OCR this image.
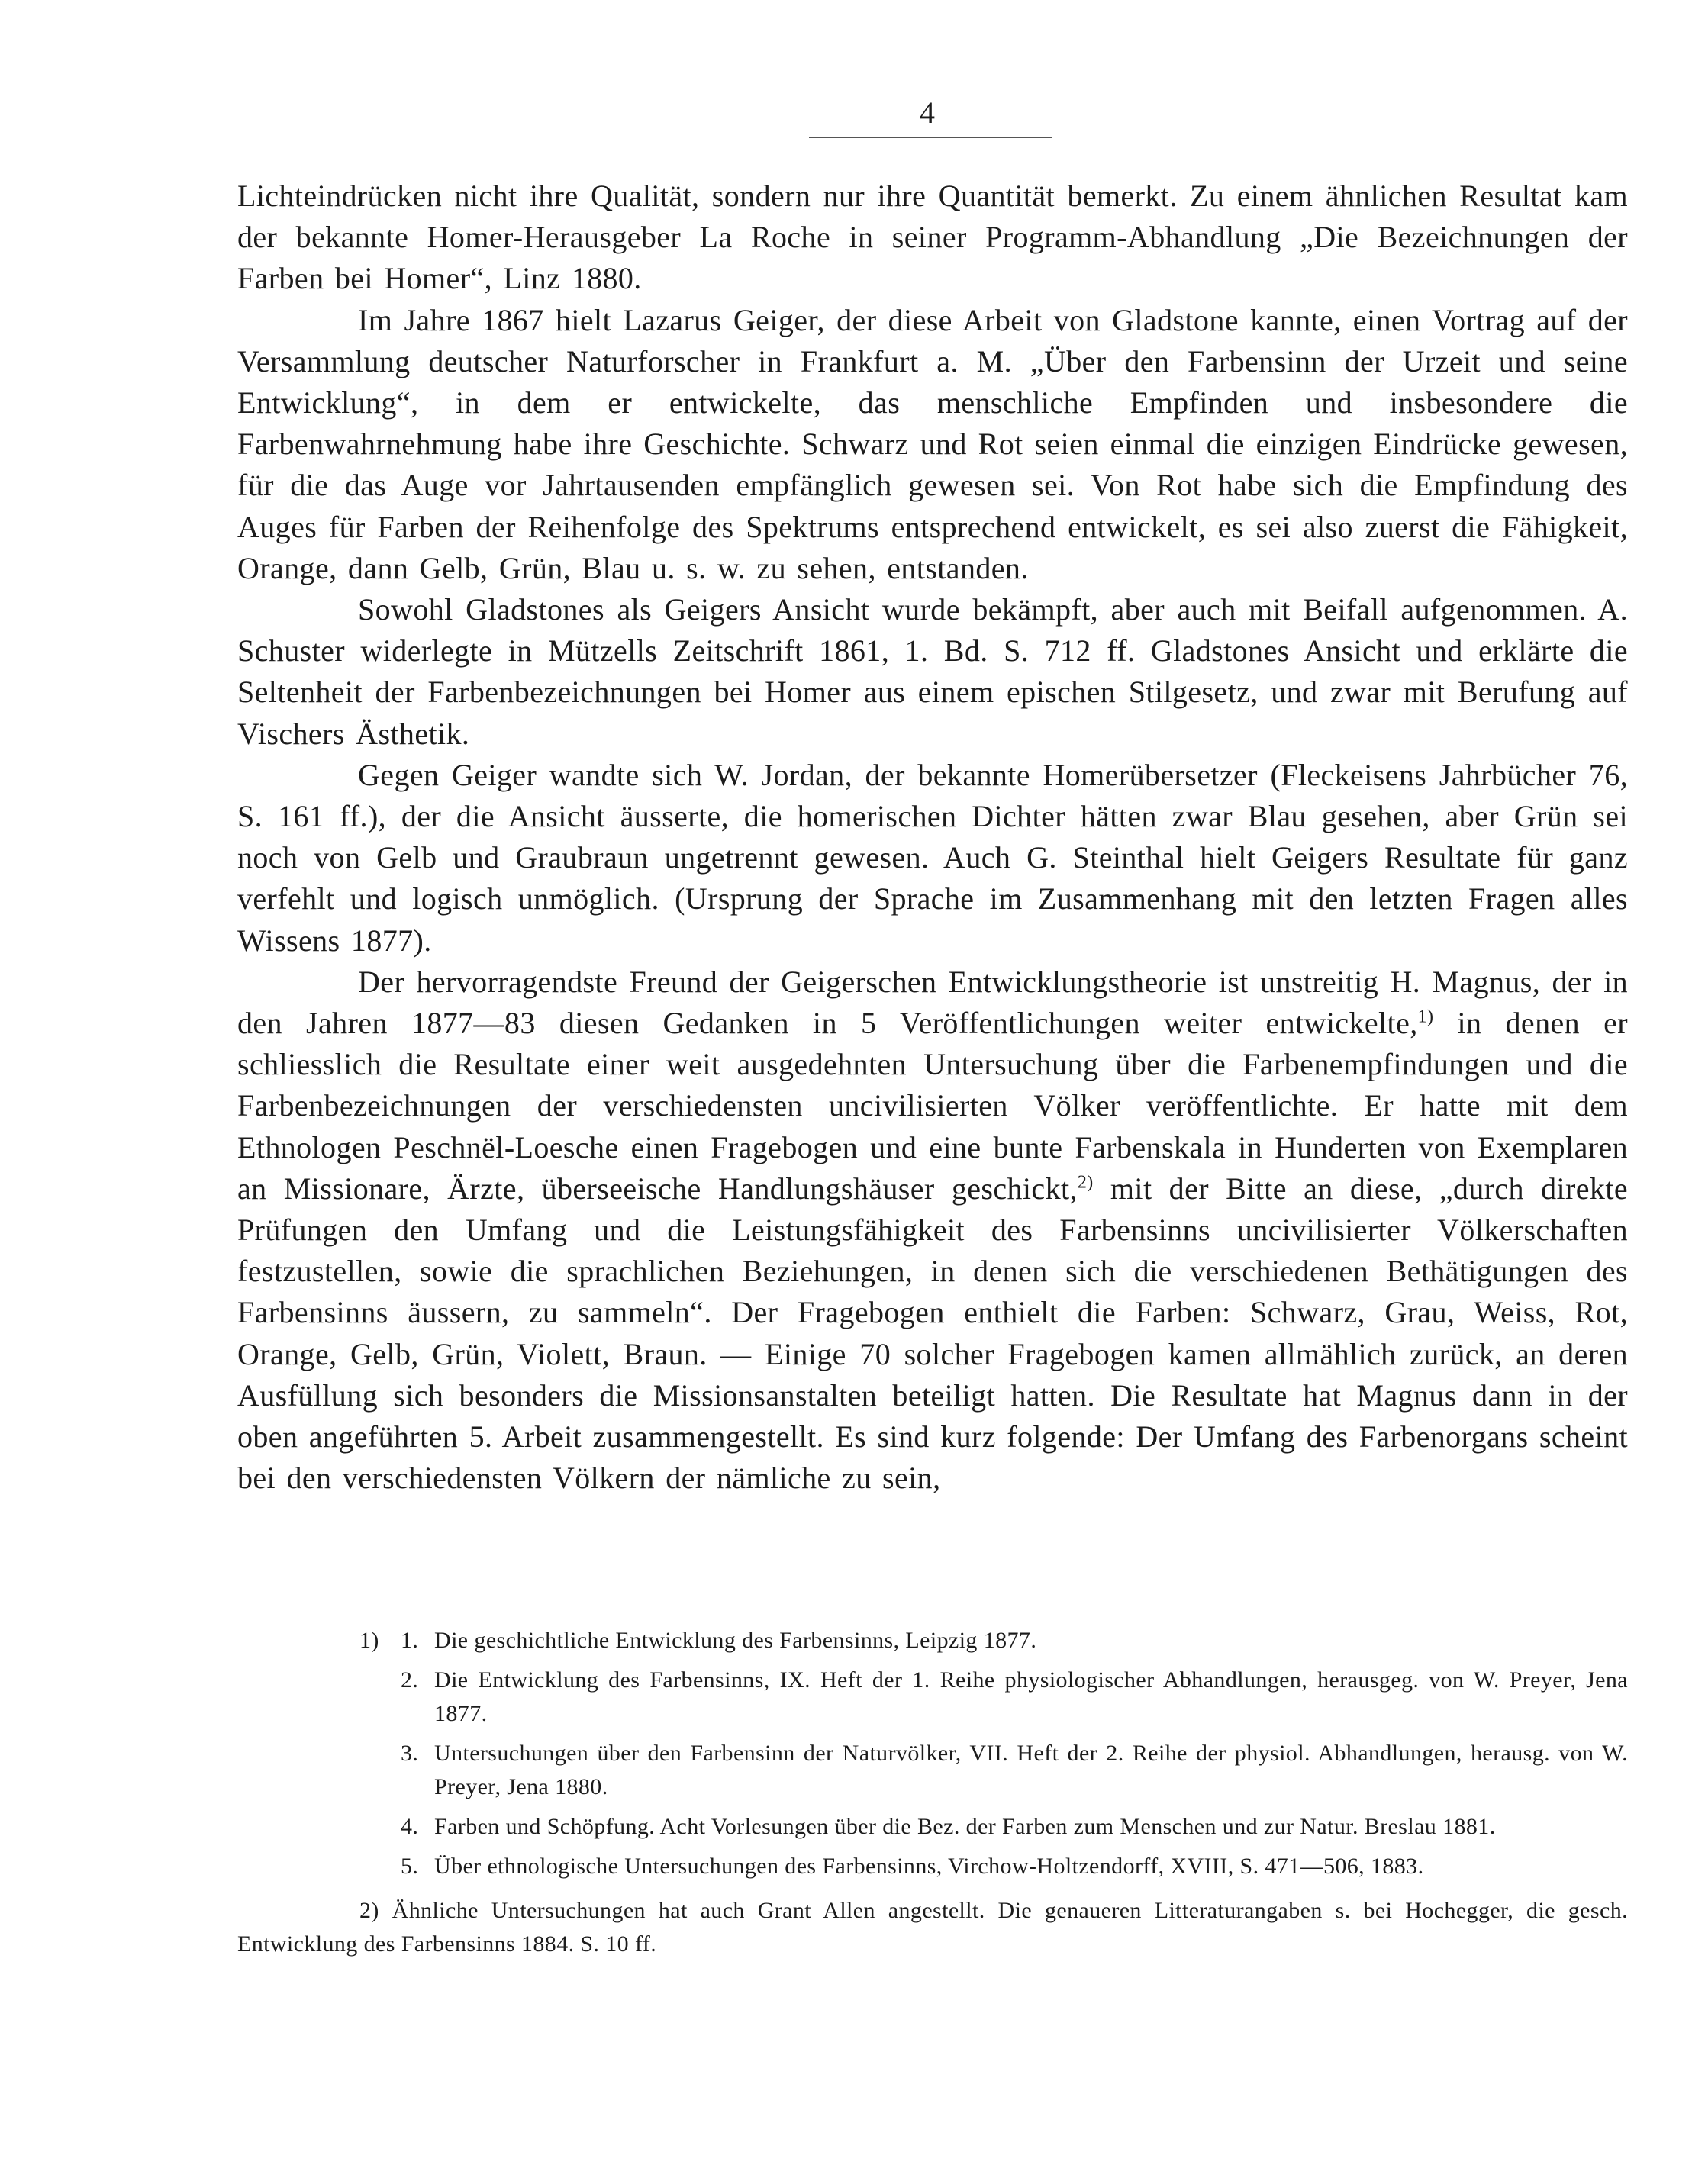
4

Lichteindrücken nicht ihre Qualität, sondern nur ihre Quantität bemerkt. Zu einem ähnlichen Resultat kam der bekannte Homer-Herausgeber La Roche in seiner Programm-Abhandlung „Die Bezeichnungen der Farben bei Homer“, Linz 1880.

Im Jahre 1867 hielt Lazarus Geiger, der diese Arbeit von Gladstone kannte, einen Vortrag auf der Versammlung deutscher Naturforscher in Frankfurt a. M. „Über den Farbensinn der Urzeit und seine Entwicklung“, in dem er entwickelte, das menschliche Empfinden und insbesondere die Farbenwahrnehmung habe ihre Geschichte. Schwarz und Rot seien einmal die einzigen Eindrücke gewesen, für die das Auge vor Jahrtausenden empfänglich gewesen sei. Von Rot habe sich die Empfindung des Auges für Farben der Reihenfolge des Spektrums entsprechend entwickelt, es sei also zuerst die Fähigkeit, Orange, dann Gelb, Grün, Blau u. s. w. zu sehen, entstanden.

Sowohl Gladstones als Geigers Ansicht wurde bekämpft, aber auch mit Beifall aufgenommen. A. Schuster widerlegte in Mützells Zeitschrift 1861, 1. Bd. S. 712 ff. Gladstones Ansicht und erklärte die Seltenheit der Farbenbezeichnungen bei Homer aus einem epischen Stilgesetz, und zwar mit Berufung auf Vischers Ästhetik.

Gegen Geiger wandte sich W. Jordan, der bekannte Homerübersetzer (Fleckeisens Jahrbücher 76, S. 161 ff.), der die Ansicht äusserte, die homerischen Dichter hätten zwar Blau gesehen, aber Grün sei noch von Gelb und Graubraun ungetrennt gewesen. Auch G. Steinthal hielt Geigers Resultate für ganz verfehlt und logisch unmöglich. (Ursprung der Sprache im Zusammenhang mit den letzten Fragen alles Wissens 1877).

Der hervorragendste Freund der Geigerschen Entwicklungstheorie ist unstreitig H. Magnus, der in den Jahren 1877—83 diesen Gedanken in 5 Veröffentlichungen weiter entwickelte,$^{1)}$ in denen er schliesslich die Resultate einer weit ausgedehnten Untersuchung über die Farbenempfindungen und die Farbenbezeichnungen der verschiedensten uncivilisierten Völker veröffentlichte. Er hatte mit dem Ethnologen Peschnël-Loesche einen Fragebogen und eine bunte Farbenskala in Hunderten von Exemplaren an Missionare, Ärzte, überseeische Handlungshäuser geschickt,$^{2)}$ mit der Bitte an diese, „durch direkte Prüfungen den Umfang und die Leistungsfähigkeit des Farbensinns uncivilisierter Völkerschaften festzustellen, sowie die sprachlichen Beziehungen, in denen sich die verschiedenen Bethätigungen des Farbensinns äussern, zu sammeln“. Der Fragebogen enthielt die Farben: Schwarz, Grau, Weiss, Rot, Orange, Gelb, Grün, Violett, Braun. — Einige 70 solcher Fragebogen kamen allmählich zurück, an deren Ausfüllung sich besonders die Missionsanstalten beteiligt hatten. Die Resultate hat Magnus dann in der oben angeführten 5. Arbeit zusammengestellt. Es sind kurz folgende: Der Umfang des Farbenorgans scheint bei den verschiedensten Völkern der nämliche zu sein,

1) 1. Die geschichtliche Entwicklung des Farbensinns, Leipzig 1877.
2. Die Entwicklung des Farbensinns, IX. Heft der 1. Reihe physiologischer Abhandlungen, herausgeg. von W. Preyer, Jena 1877.
3. Untersuchungen über den Farbensinn der Naturvölker, VII. Heft der 2. Reihe der physiol. Abhandlungen, herausg. von W. Preyer, Jena 1880.
4. Farben und Schöpfung. Acht Vorlesungen über die Bez. der Farben zum Menschen und zur Natur. Breslau 1881.
5. Über ethnologische Untersuchungen des Farbensinns, Virchow-Holtzendorff, XVIII, S. 471—506, 1883.
2) Ähnliche Untersuchungen hat auch Grant Allen angestellt. Die genaueren Litteraturangaben s. bei Hochegger, die gesch. Entwicklung des Farbensinns 1884. S. 10 ff.
